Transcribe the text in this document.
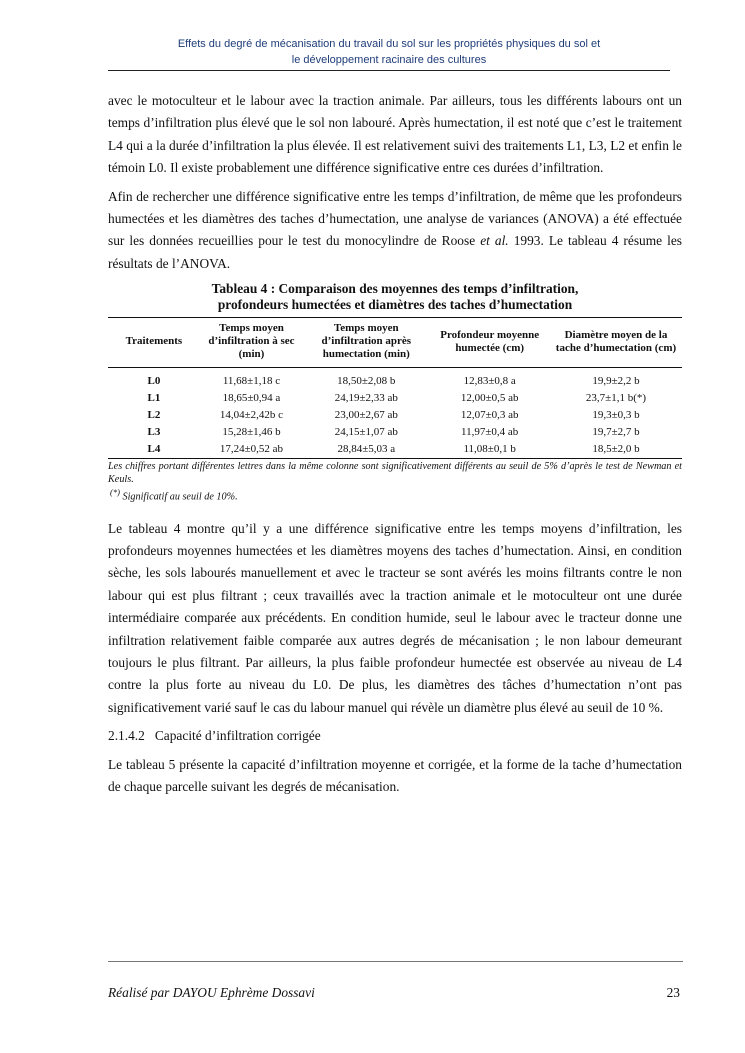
Effets du degré de mécanisation du travail du sol sur les propriétés physiques du sol et
le développement racinaire des cultures

avec le motoculteur et le labour avec la traction animale. Par ailleurs, tous les différents labours ont un temps d’infiltration plus élevé que le sol non labouré. Après humectation, il est noté que c’est le traitement L4 qui a la durée d’infiltration la plus élevée. Il est relativement suivi des traitements L1, L3, L2 et enfin le témoin L0. Il existe probablement une différence significative entre ces durées d’infiltration.

Afin de rechercher une différence significative entre les temps d’infiltration, de même que les profondeurs humectées et les diamètres des taches d’humectation, une analyse de variances (ANOVA) a été effectuée sur les données recueillies pour le test du monocylindre de Roose et al. 1993. Le tableau 4 résume les résultats de l’ANOVA.

Tableau 4 : Comparaison des moyennes des temps d’infiltration,
profondeurs humectées et diamètres des taches d’humectation
Traitements	Temps moyen d’infiltration à sec (min)	Temps moyen d’infiltration après humectation (min)	Profondeur moyenne humectée (cm)	Diamètre moyen de la tache d’humectation (cm)
L0	11,68±1,18 c	18,50±2,08 b	12,83±0,8 a	19,9±2,2 b
L1	18,65±0,94 a	24,19±2,33 ab	12,00±0,5 ab	23,7±1,1 b(*)
L2	14,04±2,42b c	23,00±2,67 ab	12,07±0,3 ab	19,3±0,3 b
L3	15,28±1,46 b	24,15±1,07 ab	11,97±0,4 ab	19,7±2,7 b
L4	17,24±0,52 ab	28,84±5,03 a	11,08±0,1 b	18,5±2,0 b
Les chiffres portant différentes lettres dans la même colonne sont significativement différents au seuil de 5% d’après le test de Newman et Keuls.
(*) Significatif au seuil de 10%.

Le tableau 4 montre qu’il y a une différence significative entre les temps moyens d’infiltration, les profondeurs moyennes humectées et les diamètres moyens des taches d’humectation. Ainsi, en condition sèche, les sols labourés manuellement et avec le tracteur se sont avérés les moins filtrants contre le non labour qui est plus filtrant ; ceux travaillés avec la traction animale et le motoculteur ont une durée intermédiaire comparée aux précédents. En condition humide, seul le labour avec le tracteur donne une infiltration relativement faible comparée aux autres degrés de mécanisation ; le non labour demeurant toujours le plus filtrant. Par ailleurs, la plus faible profondeur humectée est observée au niveau de L4 contre la plus forte au niveau du L0. De plus, les diamètres des tâches d’humectation n’ont pas significativement varié sauf le cas du labour manuel qui révèle un diamètre plus élevé au seuil de 10 %.

2.1.4.2   Capacité d’infiltration corrigée

Le tableau 5 présente la capacité d’infiltration moyenne et corrigée, et la forme de la tache d’humectation de chaque parcelle suivant les degrés de mécanisation.

Réalisé par DAYOU Ephrème Dossavi	23
